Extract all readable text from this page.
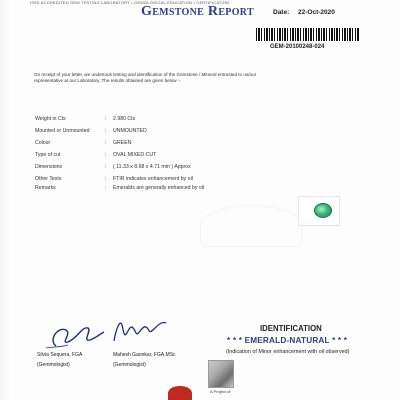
IS0D ACCREDITED GEM TESTING LABORATORY • GEMOLOGICAL EDUCATION • CERTIFICATION
Gemstone Report	Date: 22-Oct-2020
GEM-20100248-024
On receipt of your letter, we undertook testing and identification of the Gemstone / Mineral entrusted to us/our representative at our Laboratory. The results obtained are given below :-
Weight in Cts	: 2.980 Cts
Mounted or Unmounted	: UNMOUNTED
Colour	: GREEN
Type of cut	: OVAL MIXED CUT
Dimensions	: ( 11.33 x 8.68 x 4.71 mm ) Approx
Other Tests	: FTIR indicates enhancement by oil
Remarks	: Emeralds are generally enhanced by oil
IDENTIFICATION
* * * EMERALD-NATURAL * * *
(Indication of Minor enhancement with oil observed)
Silvia Sequera, FGA
(Gemmologist)
Mahesh Gaonkar, FGA,MSc
(Gemmologist)
A Project of
